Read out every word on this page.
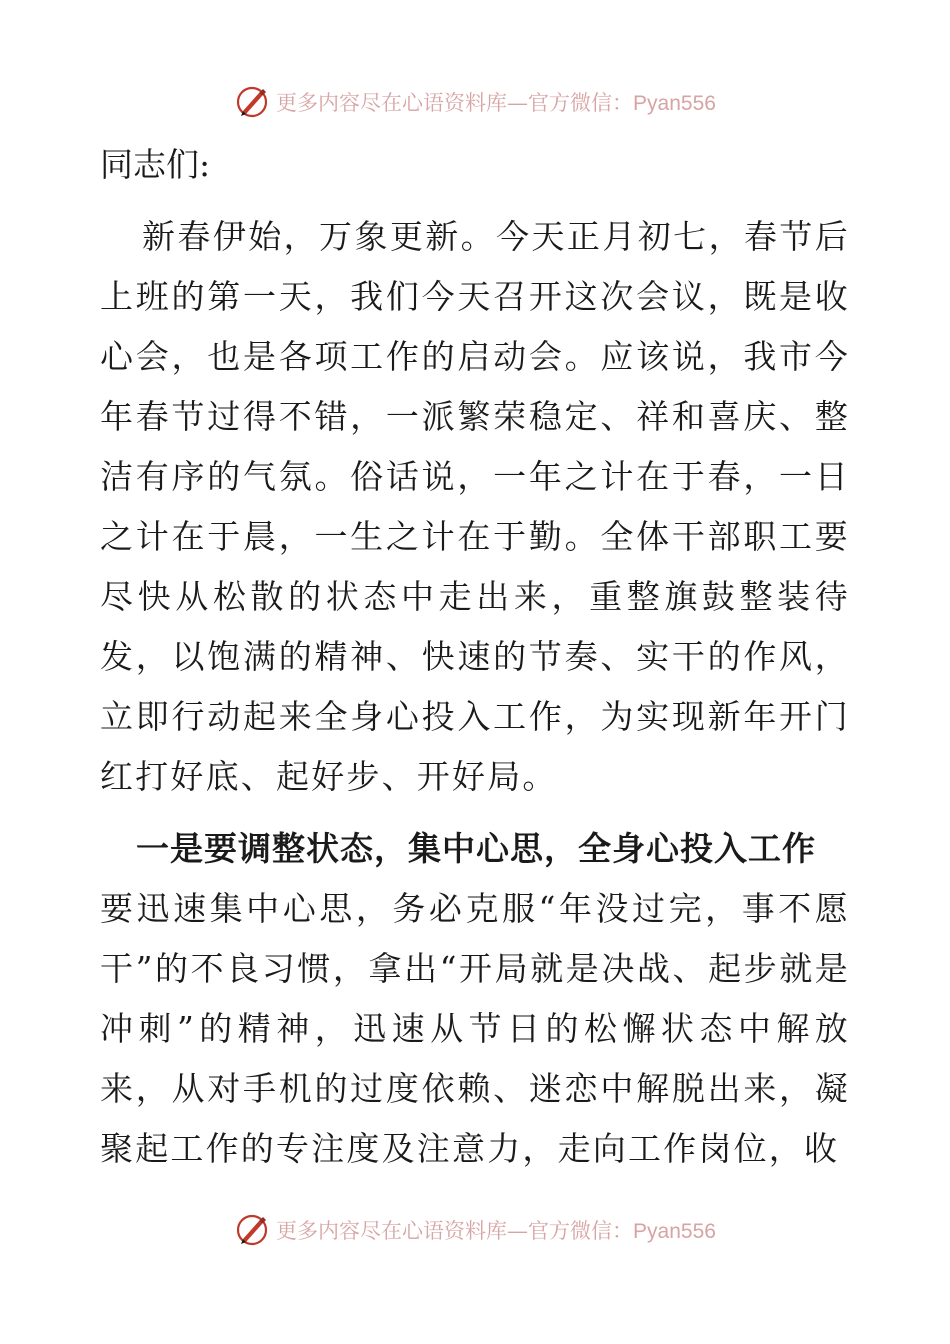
更多内容尽在心语资料库—官方微信：Pyan556

同志们:

新春伊始，万象更新。今天正月初七，春节后上班的第一天，我们今天召开这次会议，既是收心会，也是各项工作的启动会。应该说，我市今年春节过得不错，一派繁荣稳定、祥和喜庆、整洁有序的气氛。俗话说，一年之计在于春，一日之计在于晨，一生之计在于勤。全体干部职工要尽快从松散的状态中走出来，重整旗鼓整装待发，以饱满的精神、快速的节奏、实干的作风，立即行动起来全身心投入工作，为实现新年开门红打好底、起好步、开好局。

一是要调整状态，集中心思，全身心投入工作

要迅速集中心思，务必克服“年没过完，事不愿干”的不良习惯，拿出“开局就是决战、起步就是冲刺”的精神，迅速从节日的松懈状态中解放来，从对手机的过度依赖、迷恋中解脱出来，凝聚起工作的专注度及注意力，走向工作岗位，收

更多内容尽在心语资料库—官方微信：Pyan556
